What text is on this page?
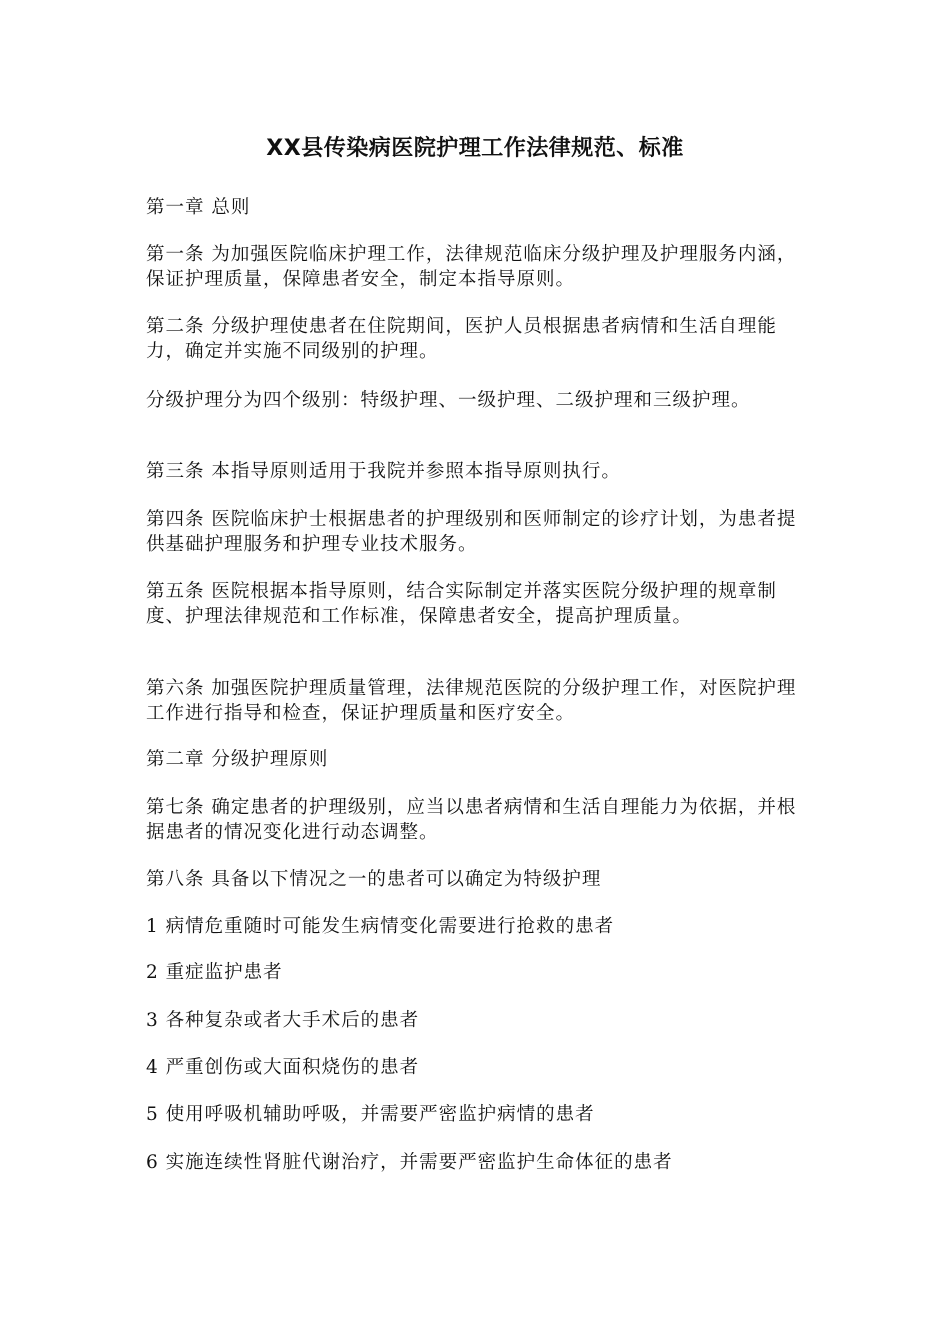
XX县传染病医院护理工作法律规范、标准

第一章 总则

第一条 为加强医院临床护理工作，法律规范临床分级护理及护理服务内涵，保证护理质量，保障患者安全，制定本指导原则。

第二条 分级护理使患者在住院期间，医护人员根据患者病情和生活自理能力，确定并实施不同级别的护理。

分级护理分为四个级别：特级护理、一级护理、二级护理和三级护理。

第三条 本指导原则适用于我院并参照本指导原则执行。

第四条 医院临床护士根据患者的护理级别和医师制定的诊疗计划，为患者提供基础护理服务和护理专业技术服务。

第五条 医院根据本指导原则，结合实际制定并落实医院分级护理的规章制度、护理法律规范和工作标准，保障患者安全，提高护理质量。

第六条 加强医院护理质量管理，法律规范医院的分级护理工作，对医院护理工作进行指导和检查，保证护理质量和医疗安全。

第二章 分级护理原则

第七条 确定患者的护理级别，应当以患者病情和生活自理能力为依据，并根据患者的情况变化进行动态调整。

第八条 具备以下情况之一的患者可以确定为特级护理

1 病情危重随时可能发生病情变化需要进行抢救的患者

2 重症监护患者

3 各种复杂或者大手术后的患者

4 严重创伤或大面积烧伤的患者

5 使用呼吸机辅助呼吸，并需要严密监护病情的患者

6 实施连续性肾脏代谢治疗，并需要严密监护生命体征的患者
